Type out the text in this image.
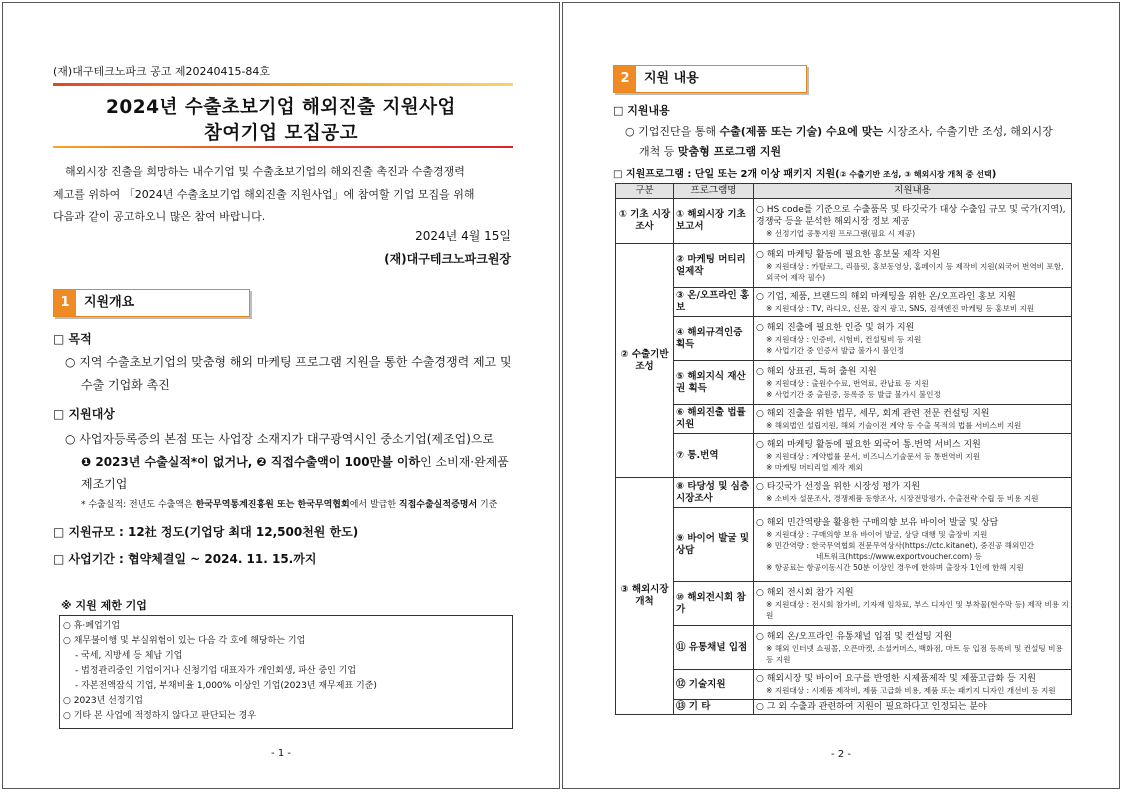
(재)대구테크노파크 공고 제20240415-84호
2024년 수출초보기업 해외진출 지원사업
참여기업 모집공고
해외시장 진출을 희망하는 내수기업 및 수출초보기업의 해외진출 촉진과 수출경쟁력
제고를 위하여 「2024년 수출초보기업 해외진출 지원사업」에 참여할 기업 모집을 위해
다음과 같이 공고하오니 많은 참여 바랍니다.
2024년 4월 15일
(재)대구테크노파크원장
1	지원개요
□ 목적
○ 지역 수출초보기업의 맞춤형 해외 마케팅 프로그램 지원을 통한 수출경쟁력 제고 및
수출 기업화 촉진
□ 지원대상
○ 사업자등록증의 본점 또는 사업장 소재지가 대구광역시인 중소기업(제조업)으로
❶ 2023년 수출실적*이 없거나, ❷ 직접수출액이 100만불 이하인 소비재·완제품
제조기업
* 수출실적: 전년도 수출액은 한국무역통계진흥원 또는 한국무역협회에서 발급한 직접수출실적증명서 기준
□ 지원규모 : 12社 정도(기업당 최대 12,500천원 한도)
□ 사업기간 : 협약체결일 ~ 2024. 11. 15.까지
※ 지원 제한 기업
○ 휴·폐업기업
○ 채무불이행 및 부실위험이 있는 다음 각 호에 해당하는 기업
- 국세, 지방세 등 체납 기업
- 법정관리중인 기업이거나 신청기업 대표자가 개인회생, 파산 중인 기업
- 자본전액잠식 기업, 부채비율 1,000% 이상인 기업(2023년 재무제표 기준)
○ 2023년 선정기업
○ 기타 본 사업에 적정하지 않다고 판단되는 경우
- 1 -
2	지원 내용
□ 지원내용
○ 기업진단을 통해 수출(제품 또는 기술) 수요에 맞는 시장조사, 수출기반 조성, 해외시장
개척 등 맞춤형 프로그램 지원
□ 지원프로그램 : 단일 또는 2개 이상 패키지 지원(② 수출기반 조성, ③ 해외시장 개척 중 선택)
구분	프로그램명	지원내용
① 기초 시장조사	① 해외시장 기초보고서	○ HS code를 기준으로 수출품목 및 타깃국가 대상 수출입 규모 및 국가(지역), 경쟁국 등을 분석한 해외시장 정보 제공
※ 선정기업 공통지원 프로그램(필요 시 제공)

② 수출기반 조성	② 마케팅 머티리얼제작	○ 해외 마케팅 활동에 필요한 홍보물 제작 지원
※ 지원대상 : 카탈로그, 리플릿, 홍보동영상, 홈페이지 등 제작비 지원(외국어 번역비 포함, 외국어 제작 필수)

	③ 온/오프라인 홍보	○ 기업, 제품, 브랜드의 해외 마케팅을 위한 온/오프라인 홍보 지원
※ 지원대상 : TV, 라디오, 신문, 잡지 광고, SNS, 검색엔진 마케팅 등 홍보비 지원

	④ 해외규격인증 획득	○ 해외 진출에 필요한 인증 및 허가 지원
※ 지원대상 : 인증비, 시험비, 컨설팅비 등 지원
※ 사업기간 중 인증서 발급 불가시 불인정

	⑤ 해외지식 재산권 획득	○ 해외 상표권, 특허 출원 지원
※ 지원대상 : 출원수수료, 번역료, 관납료 등 지원
※ 사업기간 중 출원증, 등록증 등 발급 불가시 불인정

	⑥ 해외진출 법률지원	○ 해외 진출을 위한 법무, 세무, 회계 관련 전문 컨설팅 지원
※ 해외법인 설립지원, 해외 기술이전 계약 등 수출 목적의 법률 서비스비 지원

	⑦ 통.번역	○ 해외 마케팅 활동에 필요한 외국어 통.번역 서비스 지원
※ 지원대상 : 계약법률 문서, 비즈니스기술문서 등 통번역비 지원
※ 마케팅 머티리얼 제작 제외

③ 해외시장 개척	⑧ 타당성 및 심층시장조사	○ 타깃국가 선정을 위한 시장성 평가 지원
※ 소비자 설문조사, 경쟁제품 동향조사, 시장전망평가, 수출전략 수립 등 비용 지원

	⑨ 바이어 발굴 및 상담	○ 해외 민간역량을 활용한 구매의향 보유 바이어 발굴 및 상담
※ 지원대상 : 구매의향 보유 바이어 발굴, 상담 대행 및 출장비 지원
※ 민간역량 : 한국무역협회 전문무역상사(https://ctc.kitanet), 중진공 해외민간
네트워크(https://www.exportvoucher.com) 등
※ 항공료는 항공이동시간 50분 이상인 경우에 한하며 출장자 1인에 한해 지원

	⑩ 해외전시회 참가	○ 해외 전시회 참가 지원
※ 지원대상 : 전시회 참가비, 기자재 임차료, 부스 디자인 및 부착물(현수막 등) 제작 비용 지원

	⑪ 유통채널 입점	○ 해외 온/오프라인 유통채널 입점 및 컨설팅 지원
※ 해외 인터넷 쇼핑몰, 오픈마켓, 소셜커머스, 백화점, 마트 등 입점 등록비 및 컨설팅 비용 등 지원

	⑫ 기술지원	○ 해외시장 및 바이어 요구를 반영한 시제품제작 및 제품고급화 등 지원
※ 지원대상 : 시제품 제작비, 제품 고급화 비용, 제품 또는 패키지 디자인 개선비 등 지원

	⑬ 기 타	○ 그 외 수출과 관련하여 지원이 필요하다고 인정되는 분야
- 2 -
